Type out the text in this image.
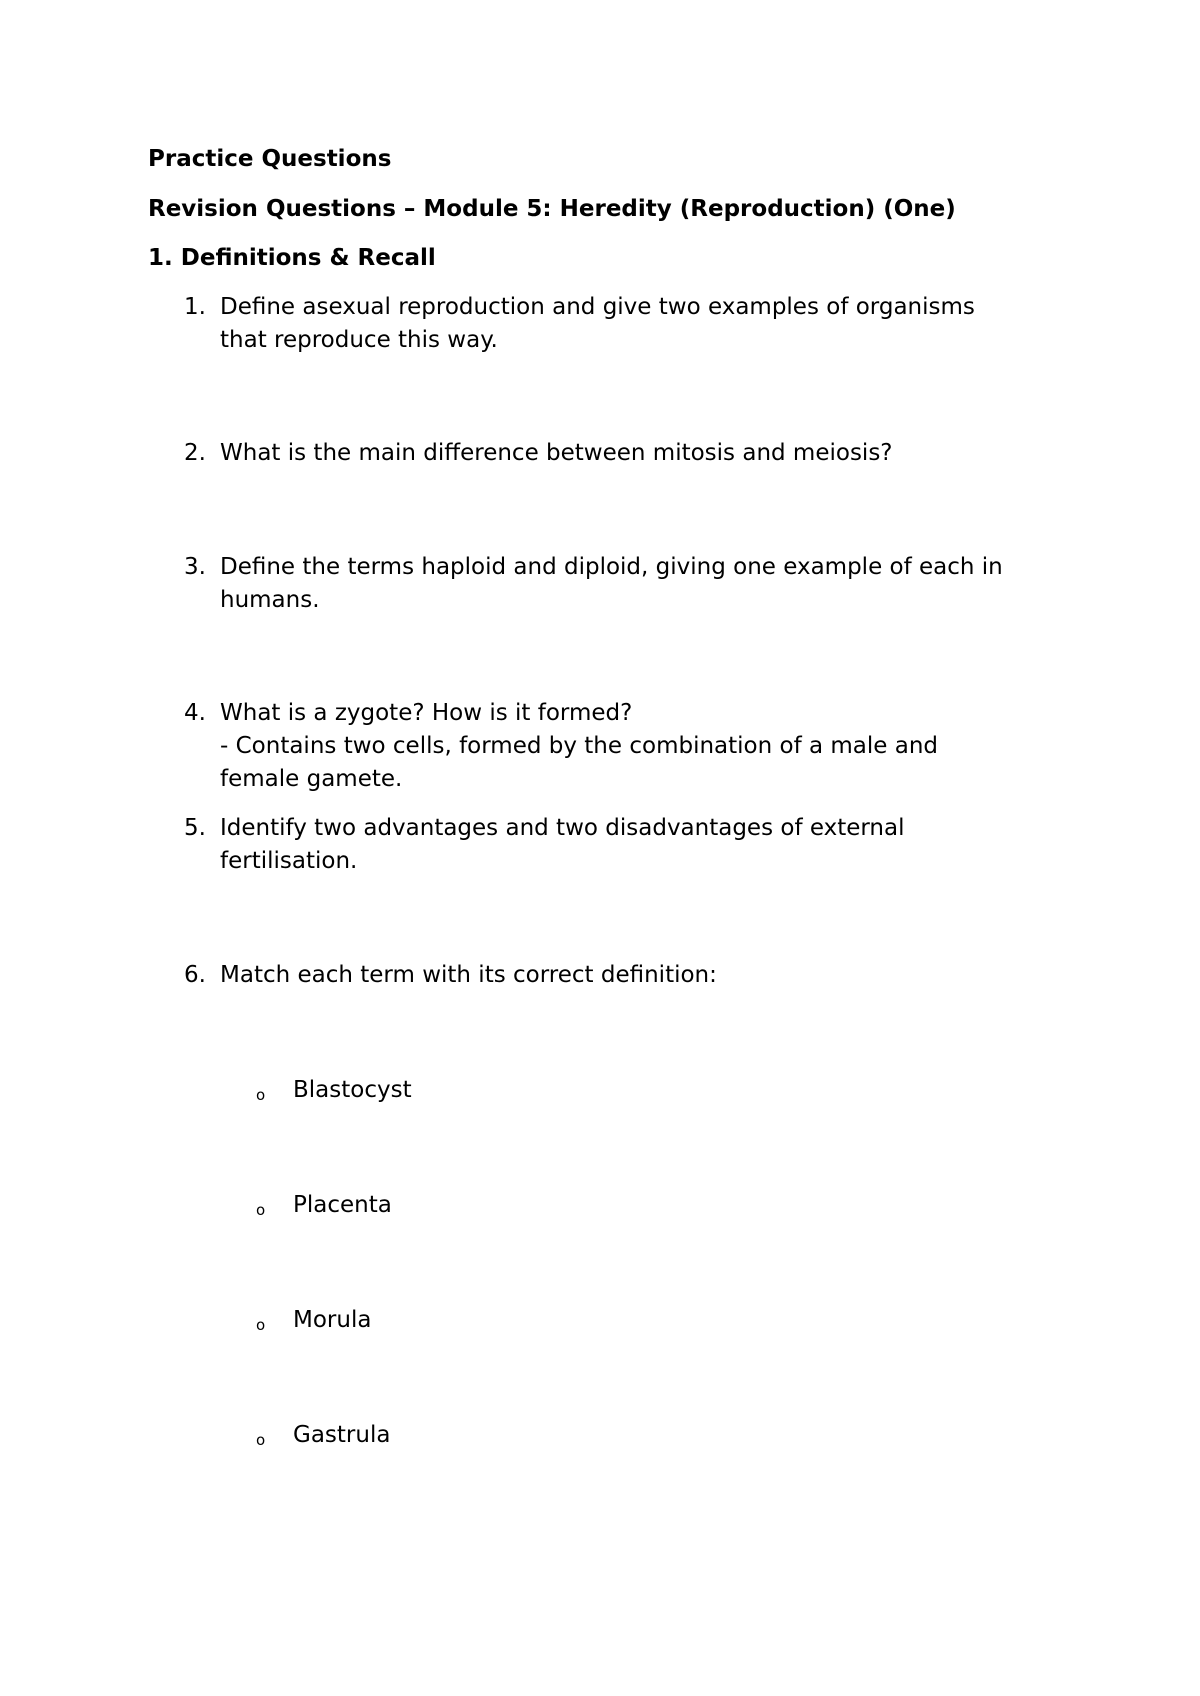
Practice Questions
Revision Questions – Module 5: Heredity (Reproduction) (One)
1. Definitions & Recall
1. Define asexual reproduction and give two examples of organisms
that reproduce this way.
2. What is the main difference between mitosis and meiosis?
3. Define the terms haploid and diploid, giving one example of each in
humans.
4. What is a zygote? How is it formed?
- Contains two cells, formed by the combination of a male and
female gamete.
5. Identify two advantages and two disadvantages of external
fertilisation.
6. Match each term with its correct definition:
o Blastocyst
o Placenta
o Morula
o Gastrula
